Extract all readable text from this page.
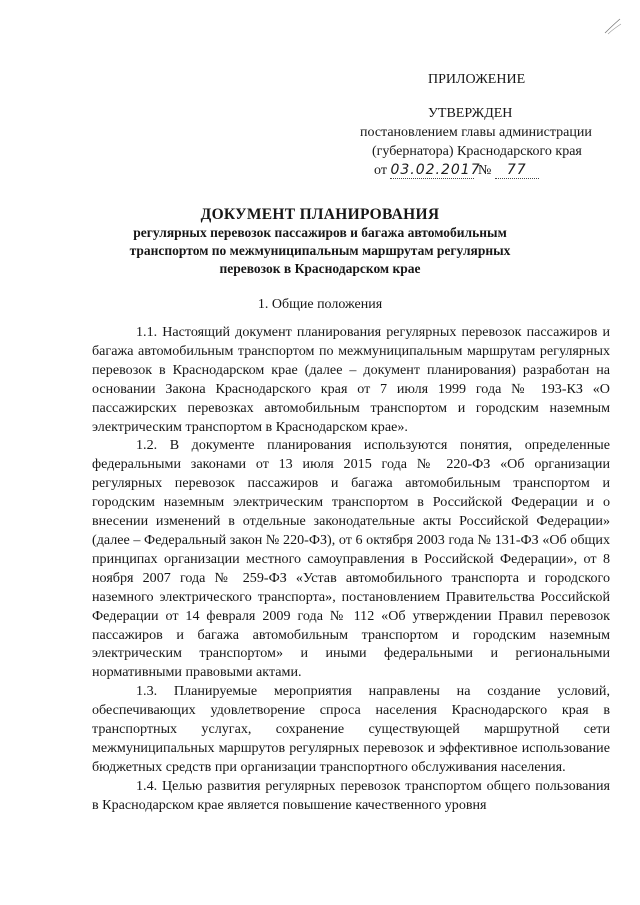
ПРИЛОЖЕНИЕ
УТВЕРЖДЕН
постановлением главы администрации
(губернатора) Краснодарского края
от 03.02.2017 № 77
ДОКУМЕНТ ПЛАНИРОВАНИЯ
регулярных перевозок пассажиров и багажа автомобильным
транспортом по межмуниципальным маршрутам регулярных
перевозок в Краснодарском крае
1. Общие положения

1.1. Настоящий документ планирования регулярных перевозок пассажиров и багажа автомобильным транспортом по межмуниципальным маршрутам регулярных перевозок в Краснодарском крае (далее – документ планирования) разработан на основании Закона Краснодарского края от 7 июля 1999 года № 193-КЗ «О пассажирских перевозках автомобильным транспортом и городским наземным электрическим транспортом в Краснодарском крае».

1.2. В документе планирования используются понятия, определенные федеральными законами от 13 июля 2015 года № 220-ФЗ «Об организации регулярных перевозок пассажиров и багажа автомобильным транспортом и городским наземным электрическим транспортом в Российской Федерации и о внесении изменений в отдельные законодательные акты Российской Федерации» (далее – Федеральный закон № 220-ФЗ), от 6 октября 2003 года № 131-ФЗ «Об общих принципах организации местного самоуправления в Российской Федерации», от 8 ноября 2007 года № 259-ФЗ «Устав автомобильного транспорта и городского наземного электрического транспорта», постановлением Правительства Российской Федерации от 14 февраля 2009 года № 112 «Об утверждении Правил перевозок пассажиров и багажа автомобильным транспортом и городским наземным электрическим транспортом» и иными федеральными и региональными нормативными правовыми актами.

1.3. Планируемые мероприятия направлены на создание условий, обеспечивающих удовлетворение спроса населения Краснодарского края в транспортных услугах, сохранение существующей маршрутной сети межмуниципальных маршрутов регулярных перевозок и эффективное использование бюджетных средств при организации транспортного обслуживания населения.

1.4. Целью развития регулярных перевозок транспортом общего пользования в Краснодарском крае является повышение качественного уровня
